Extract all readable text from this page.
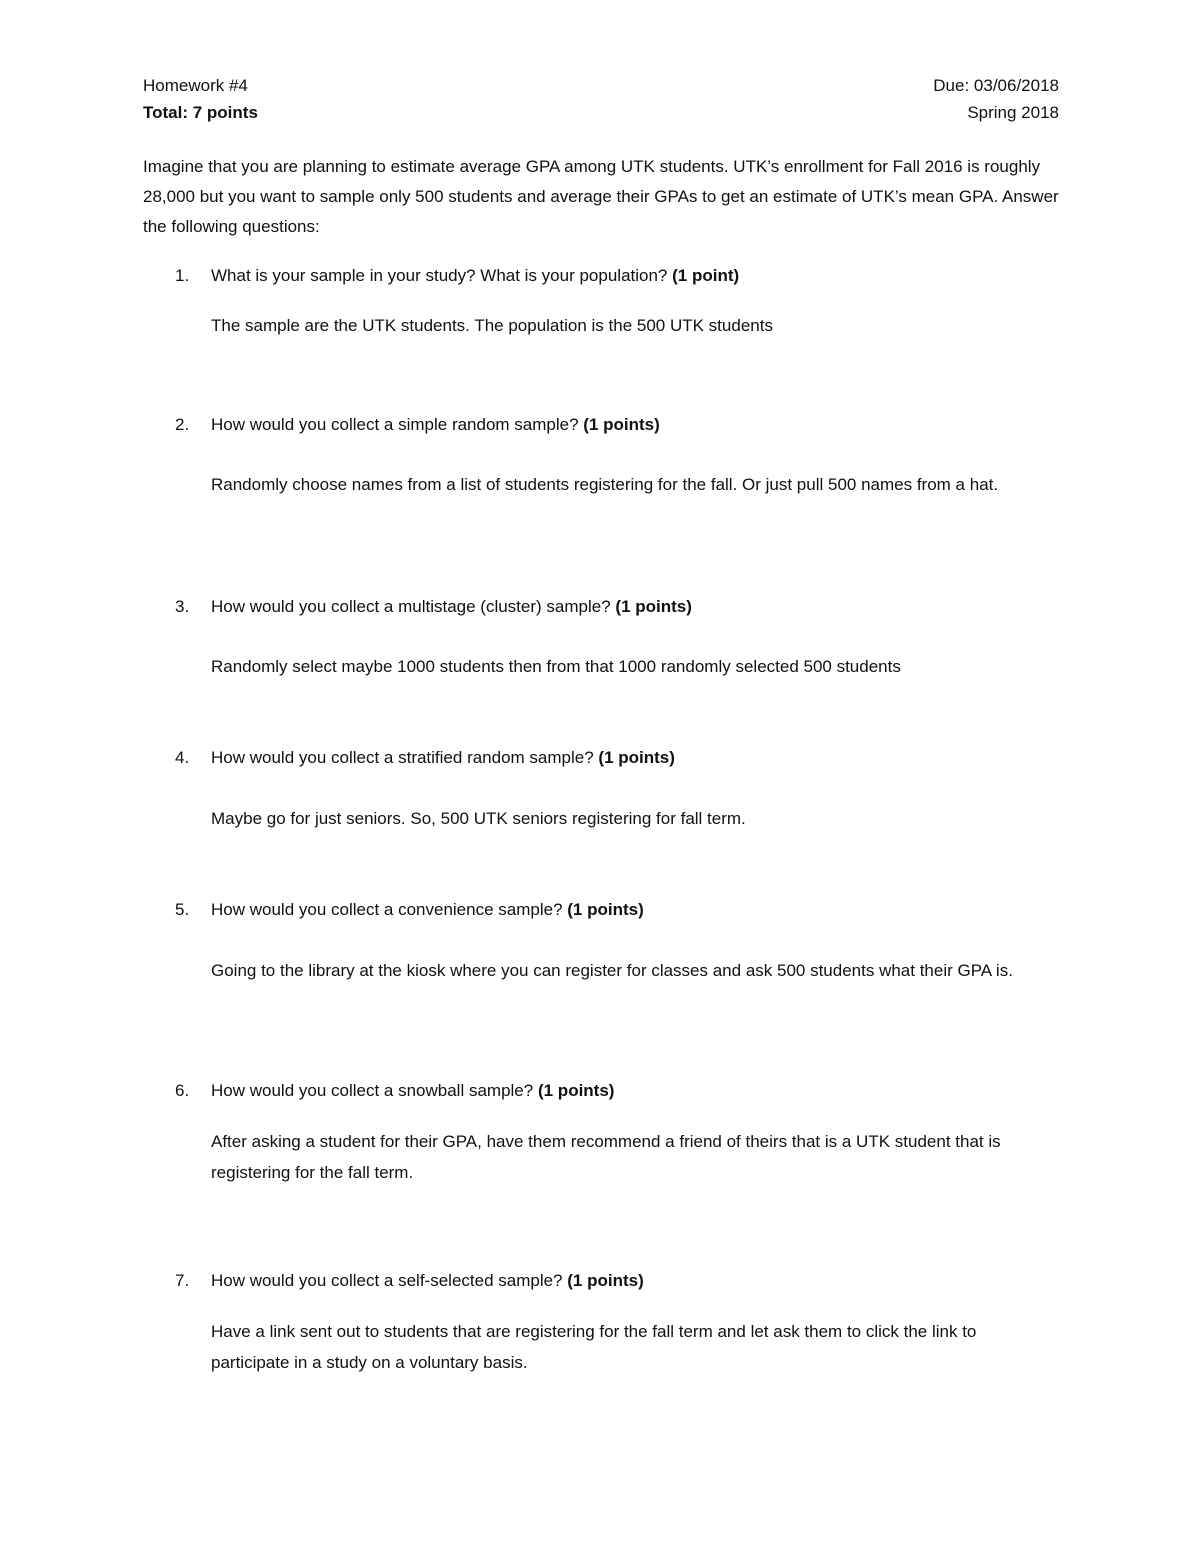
Homework #4	Due: 03/06/2018
Total: 7 points	Spring 2018

Imagine that you are planning to estimate average GPA among UTK students. UTK’s enrollment for Fall 2016 is roughly 28,000 but you want to sample only 500 students and average their GPAs to get an estimate of UTK’s mean GPA. Answer the following questions:

1.	What is your sample in your study? What is your population? (1 point)

The sample are the UTK students. The population is the 500 UTK students

2.	How would you collect a simple random sample? (1 points)

Randomly choose names from a list of students registering for the fall. Or just pull 500 names from a hat.

3.	How would you collect a multistage (cluster) sample? (1 points)

Randomly select maybe 1000 students then from that 1000 randomly selected 500 students

4.	How would you collect a stratified random sample? (1 points)

Maybe go for just seniors. So, 500 UTK seniors registering for fall term.

5.	How would you collect a convenience sample? (1 points)

Going to the library at the kiosk where you can register for classes and ask 500 students what their GPA is.

6.	How would you collect a snowball sample? (1 points)

After asking a student for their GPA, have them recommend a friend of theirs that is a UTK student that is registering for the fall term.

7.	How would you collect a self-selected sample? (1 points)

Have a link sent out to students that are registering for the fall term and let ask them to click the link to participate in a study on a voluntary basis.
